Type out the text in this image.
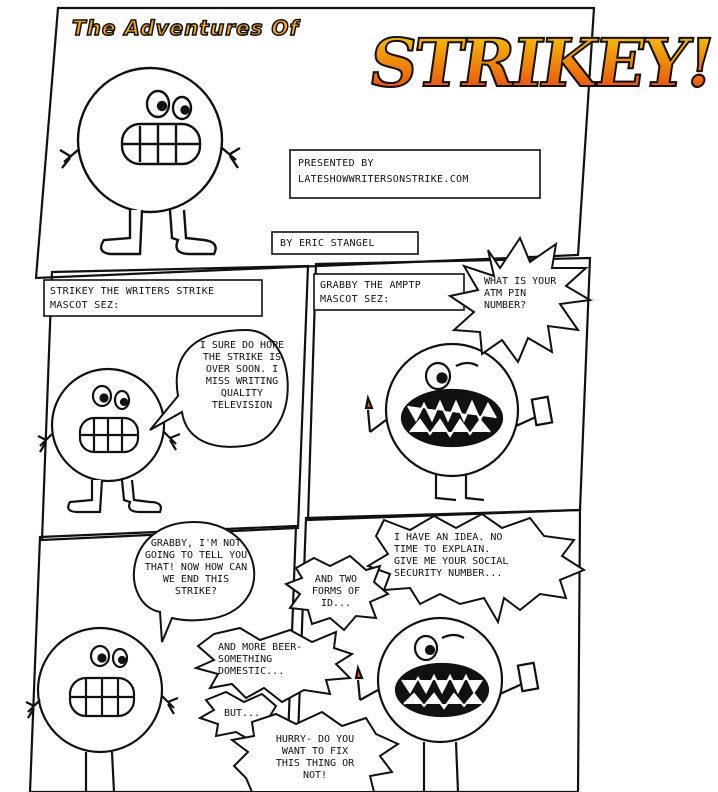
The Adventures Of STRIKEY!
PRESENTED BY
LATESHOWWRITERSONSTRIKE.COM
BY ERIC STANGEL
STRIKEY THE WRITERS STRIKE
MASCOT SEZ:
GRABBY THE AMPTP
MASCOT SEZ:
I SURE DO HOPE
THE STRIKE IS
OVER SOON. I
MISS WRITING
QUALITY
TELEVISION
WHAT IS YOUR
ATM PIN
NUMBER?
GRABBY, I'M NOT
GOING TO TELL YOU
THAT! NOW HOW CAN
WE END THIS
STRIKE?
AND MORE BEER-
SOMETHING
DOMESTIC...
BUT...
I HAVE AN IDEA. NO
TIME TO EXPLAIN.
GIVE ME YOUR SOCIAL
SECURITY NUMBER...
AND TWO
FORMS OF
ID...
HURRY- DO YOU
WANT TO FIX
THIS THING OR
NOT!
